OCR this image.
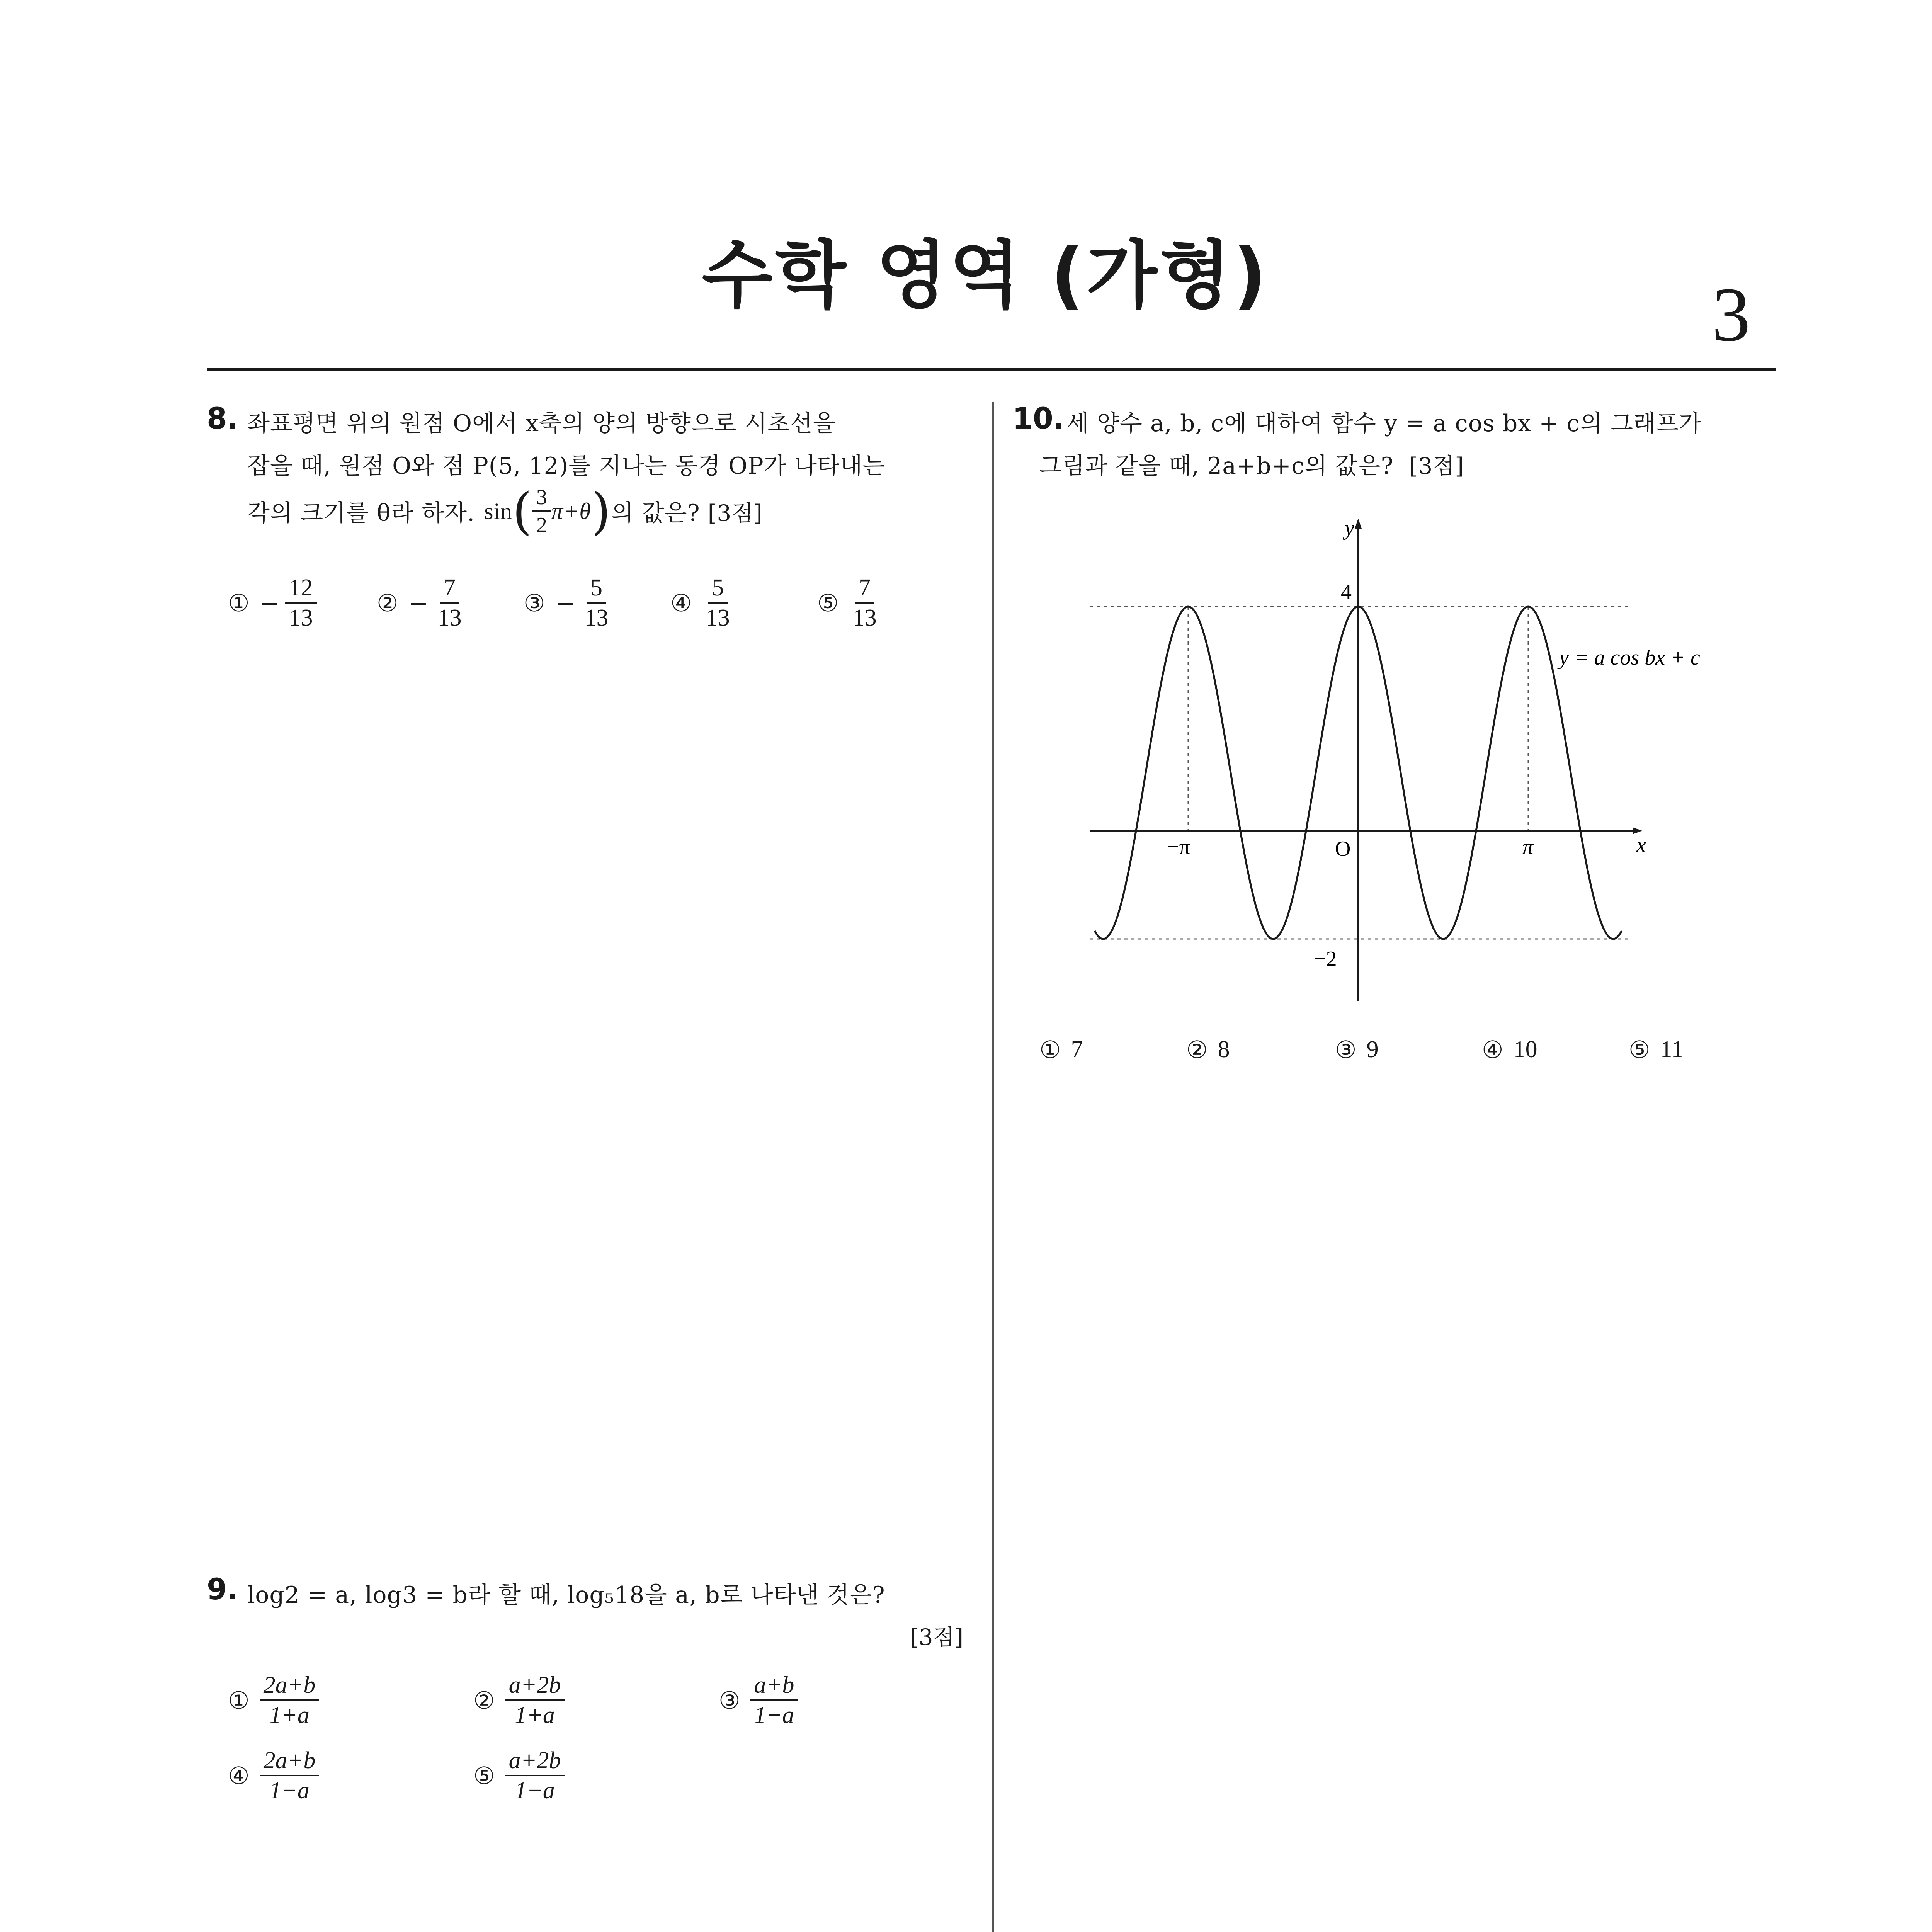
수학 영역 (가형)	3
8. 좌표평면 위의 원점 O에서 x축의 양의 방향으로 시초선을
잡을 때, 원점 O와 점 P(5, 12)를 지나는 동경 OP가 나타내는
각의 크기를 θ라 하자. sin ( $\frac{3}{2} \pi+\theta$ ) 의 값은? [3점]
① − $\frac{12}{13}$	② − $\frac{7}{13}$ ③ − $\frac{5}{13}$ ④ $\frac{5}{13}$	⑤ $\frac{7}{13}$
9. log2 = a, log3 = b라 할 때, log₅18을 a, b로 나타낸 것은?
[3점]
① $\frac{2a+b}{1+a}$	② $\frac{a+2b}{1+a}$	③ $\frac{a+b}{1-a}$
④ $\frac{2a+b}{1-a}$	⑤ $\frac{a+2b}{1-a}$
10. 세 양수 a, b, c에 대하여 함수 y = a cos bx + c의 그래프가
그림과 같을 때, 2a+b+c의 값은? [3점]
y
x
O
4
−2
−π	π
y = a cos bx + c
① 7	② 8	③ 9	④ 10	⑤ 11
